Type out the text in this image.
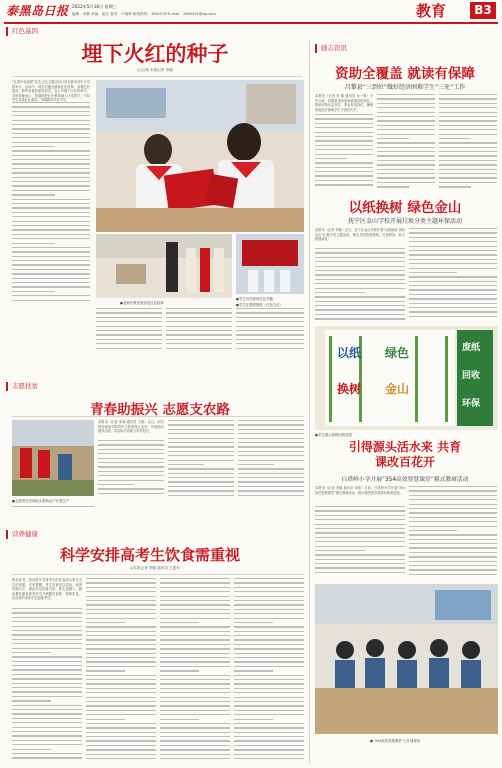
泰黑岛日报 2022年5月18日 星期三
编辑：李静 美编：崔红 校对：卢晓晖 新闻热线：3961539 E-mail：2869391@qq.com	教育	B3
红色基因
埋下火红的种子
◎文/图 本报记者 李娜
“红领巾爱祖国”红色文化主题活动日前在我市各中小学校举行。活动中，同学们通过诵读红色经典、参观红色展览、聆听英雄故事等形式，在心中埋下火红的种子。学校老师表示，将继续把红色教育融入日常教学，引导学生传承红色基因，争做新时代好少年。
●学生们在阅读红色书籍
●学生在观看展览（红色文化）
●老师在教室里讲授红色故事
励志资讯
资助全覆盖 就读有保障
昌黎县“三到位”做好经济困难学生“三免”工作
本报讯（记者 李 娜 通讯员 乔一明）今年以来，昌黎县坚持资助政策宣传到位、资助对象认定到位、资金发放到位，确保家庭经济困难学生不因贫失学。
以纸换树 绿色金山
抚宁区金山学校开展垃圾分类主题环保活动
本报讯（记者 李娜）近日，抚宁区金山学校开展“以纸换树 绿色金山”垃圾分类主题活动，师生共同收集废纸，兑换树苗，助力校园绿化。
以纸
换树
绿色
金山
废纸
回收
环保
●学生展示废纸回收成果
志愿扶贫
青春助振兴 志愿支农路
●志愿者在田间地头帮助农户开展生产
本报讯（记者 李娜 通讯员 王丽）近日，河北科技师范学院青年志愿者深入农村，开展助农服务活动，用实际行动助力乡村振兴。
引得源头活水来 共育课改百花开
白塔岭小学开展“354高效智慧课堂”模式教研活动
本报讯（记者 李娜 通讯员 吴莉）日前，白塔岭小学开展“354高效智慧课堂”模式教研活动，推动课堂教学改革向纵深发展。
●“354高效智慧课堂”公开课现场
营养健康
科学安排高考生饮食需重视
◎本报记者 李娜 通讯员 王建东
临近高考，如何科学安排考生的饮食成为家长关注的话题。专家提醒，考生饮食应以清淡、营养均衡为主，保证充足的蛋白质、维生素摄入，避免暴饮暴食和食用生冷刺激性食物，规律作息，以良好的身体状态迎接考试。
